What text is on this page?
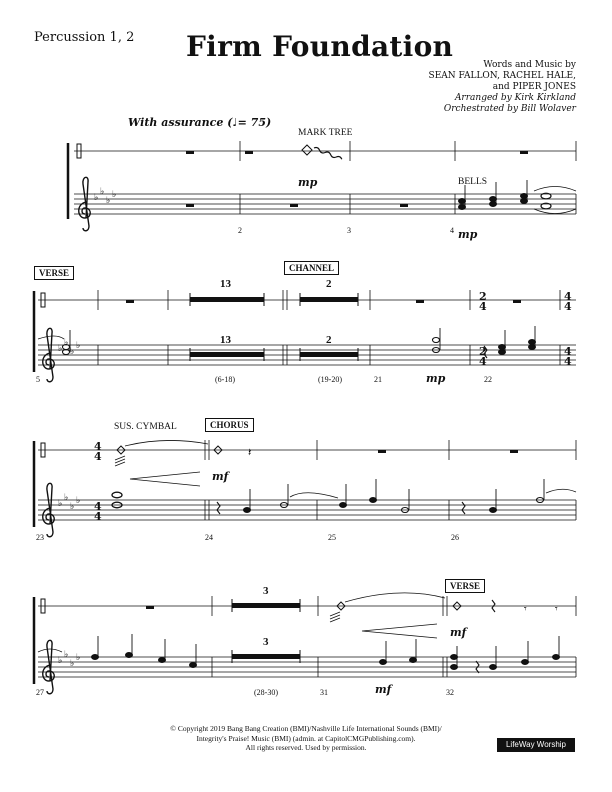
Percussion 1, 2 Firm Foundation
Words and Music by
SEAN FALLON, RACHEL HALE,
and PIPER JONES
Arranged by Kirk Kirkland
Orchestrated by Bill Wolaver
With assurance (♩= 75)
♭
♭
♭
♭
♭
♭
♭
♭
2
4
2
4
4
4
4
4
♭
♭
♭
♭
4
4
4
4
𝄽
♭
♭
♭
♭
𝄾	𝄾
MARK TREE
BELLS
SUS. CYMBAL
VERSE	CHANNEL
CHORUS
VERSE
13
13
2
2
3
3
mp
mp
mp
mf
mf
mf
2	3	4
5	(6-18)	(19-20)	21	22
23	24	25	26
27	(28-30)	31	32
© Copyright 2019 Bang Bang Creation (BMI)/Nashville Life International Sounds (BMI)/
Integrity's Praise! Music (BMI) (admin. at CapitolCMGPublishing.com).
All rights reserved. Used by permission.	LifeWay Worship
